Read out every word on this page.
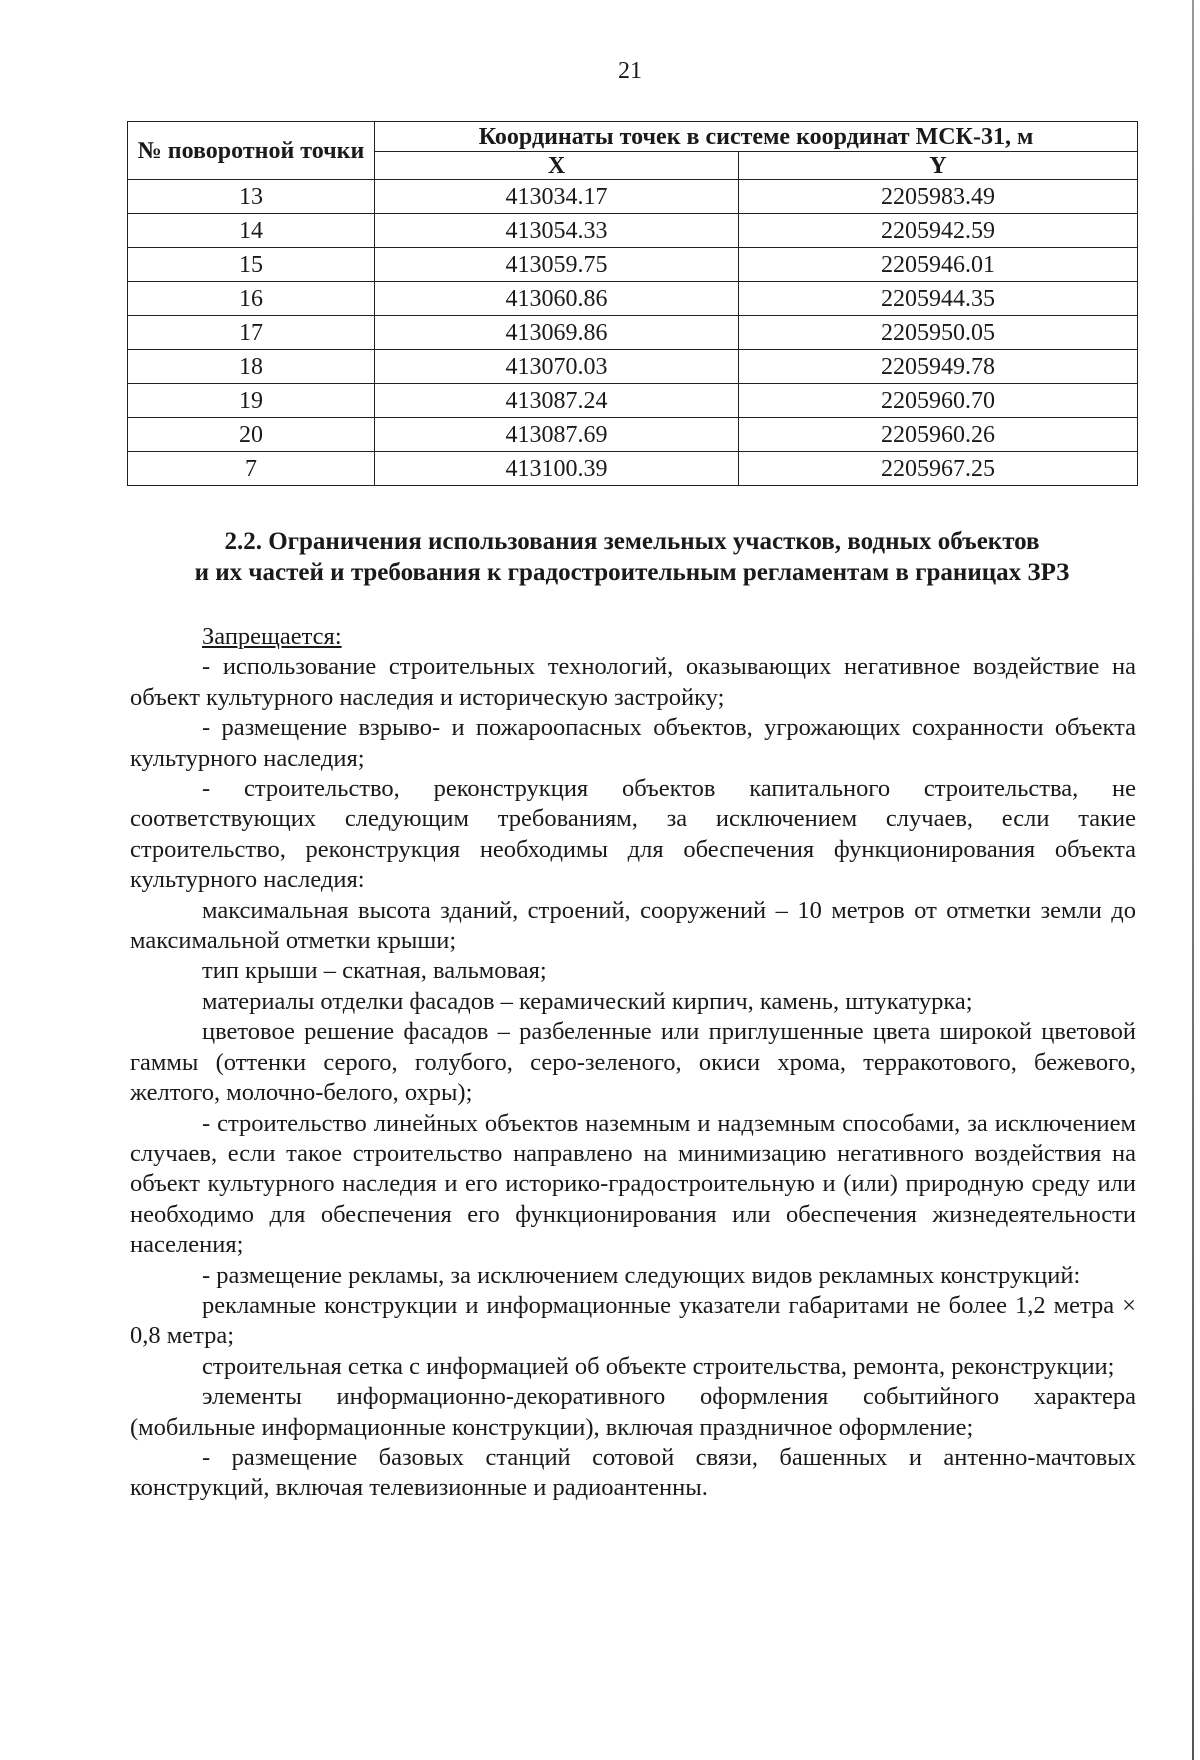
21
№ поворотной точки	Координаты точек в системе координат МСК-31, м	
	X	Y
13	413034.17	2205983.49
14	413054.33	2205942.59
15	413059.75	2205946.01
16	413060.86	2205944.35
17	413069.86	2205950.05
18	413070.03	2205949.78
19	413087.24	2205960.70
20	413087.69	2205960.26
7	413100.39	2205967.25
2.2. Ограничения использования земельных участков, водных объектов
и их частей и требования к градостроительным регламентам в границах ЗРЗ

Запрещается:

- использование строительных технологий, оказывающих негативное воздействие на объект культурного наследия и историческую застройку;

- размещение взрыво- и пожароопасных объектов, угрожающих сохранности объекта культурного наследия;

- строительство, реконструкция объектов капитального строительства, не соответствующих следующим требованиям, за исключением случаев, если такие строительство, реконструкция необходимы для обеспечения функционирования объекта культурного наследия:

максимальная высота зданий, строений, сооружений – 10 метров от отметки земли до максимальной отметки крыши;

тип крыши – скатная, вальмовая;

материалы отделки фасадов – керамический кирпич, камень, штукатурка;

цветовое решение фасадов – разбеленные или приглушенные цвета широкой цветовой гаммы (оттенки серого, голубого, серо-зеленого, окиси хрома, терракотового, бежевого, желтого, молочно-белого, охры);

- строительство линейных объектов наземным и надземным способами, за исключением случаев, если такое строительство направлено на минимизацию негативного воздействия на объект культурного наследия и его историко-градостроительную и (или) природную среду или необходимо для обеспечения его функционирования или обеспечения жизнедеятельности населения;

- размещение рекламы, за исключением следующих видов рекламных конструкций:

рекламные конструкции и информационные указатели габаритами не более 1,2 метра × 0,8 метра;

строительная сетка с информацией об объекте строительства, ремонта, реконструкции;

элементы информационно-декоративного оформления событийного характера (мобильные информационные конструкции), включая праздничное оформление;

- размещение базовых станций сотовой связи, башенных и антенно-мачтовых конструкций, включая телевизионные и радиоантенны.
